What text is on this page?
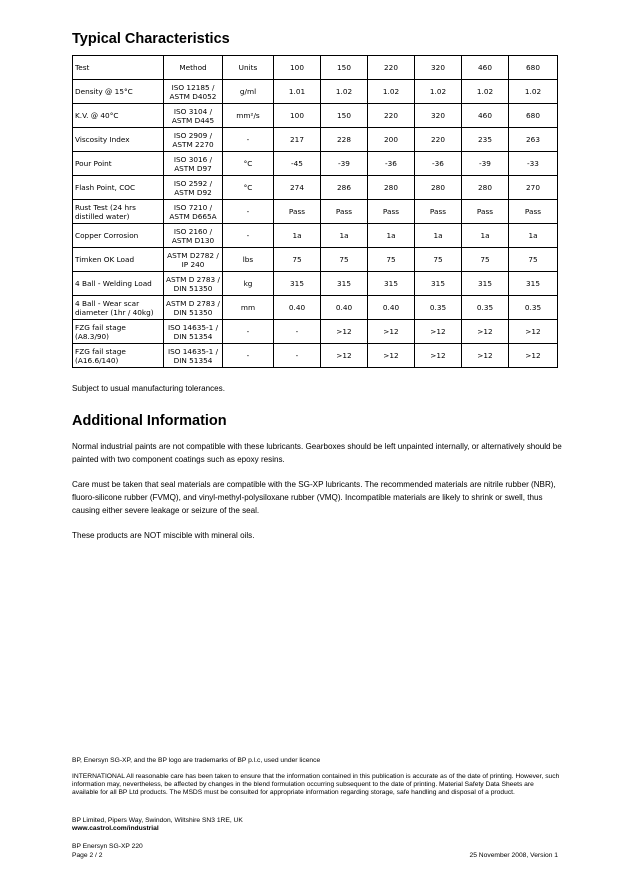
Typical Characteristics
Test	Method	Units	100	150	220	320	460	680
Density @ 15°C	ISO 12185 / ASTM D4052	g/ml	1.01	1.02	1.02	1.02	1.02	1.02
K.V. @ 40°C	ISO 3104 / ASTM D445	mm²/s	100	150	220	320	460	680
Viscosity Index	ISO 2909 / ASTM 2270	-	217	228	200	220	235	263
Pour Point	ISO 3016 / ASTM D97	°C	-45	-39	-36	-36	-39	-33
Flash Point, COC	ISO 2592 / ASTM D92	°C	274	286	280	280	280	270
Rust Test (24 hrs distilled water)	ISO 7210 / ASTM D665A	-	Pass	Pass	Pass	Pass	Pass	Pass
Copper Corrosion	ISO 2160 / ASTM D130	-	1a	1a	1a	1a	1a	1a
Timken OK Load	ASTM D2782 / IP 240	lbs	75	75	75	75	75	75
4 Ball - Welding Load	ASTM D 2783 / DIN 51350	kg	315	315	315	315	315	315
4 Ball - Wear scar diameter (1hr / 40kg)	ASTM D 2783 / DIN 51350	mm	0.40	0.40	0.40	0.35	0.35	0.35
FZG fail stage (A8.3/90)	ISO 14635-1 / DIN 51354	-	-	>12	>12	>12	>12	>12
FZG fail stage (A16.6/140)	ISO 14635-1 / DIN 51354	-	-	>12	>12	>12	>12	>12

Subject to usual manufacturing tolerances.

Additional Information

Normal industrial paints are not compatible with these lubricants. Gearboxes should be left unpainted internally, or alternatively should be painted with two component coatings such as epoxy resins.

Care must be taken that seal materials are compatible with the SG-XP lubricants. The recommended materials are nitrile rubber (NBR), fluoro-silicone rubber (FVMQ), and vinyl-methyl-polysiloxane rubber (VMQ). Incompatible materials are likely to shrink or swell, thus causing either severe leakage or seizure of the seal.

These products are NOT miscible with mineral oils.

BP, Enersyn SG-XP, and the BP logo are trademarks of BP p.l.c, used under licence

INTERNATIONAL All reasonable care has been taken to ensure that the information contained in this publication is accurate as of the date of printing. However, such information may, nevertheless, be affected by changes in the blend formulation occurring subsequent to the date of printing. Material Safety Data Sheets are available for all BP Ltd products. The MSDS must be consulted for appropriate information regarding storage, safe handling and disposal of a product.

BP Limited, Pipers Way, Swindon, Wiltshire SN3 1RE, UK

www.castrol.com/industrial

BP Enersyn SG-XP 220

Page 2 / 2	25 November 2008, Version 1
